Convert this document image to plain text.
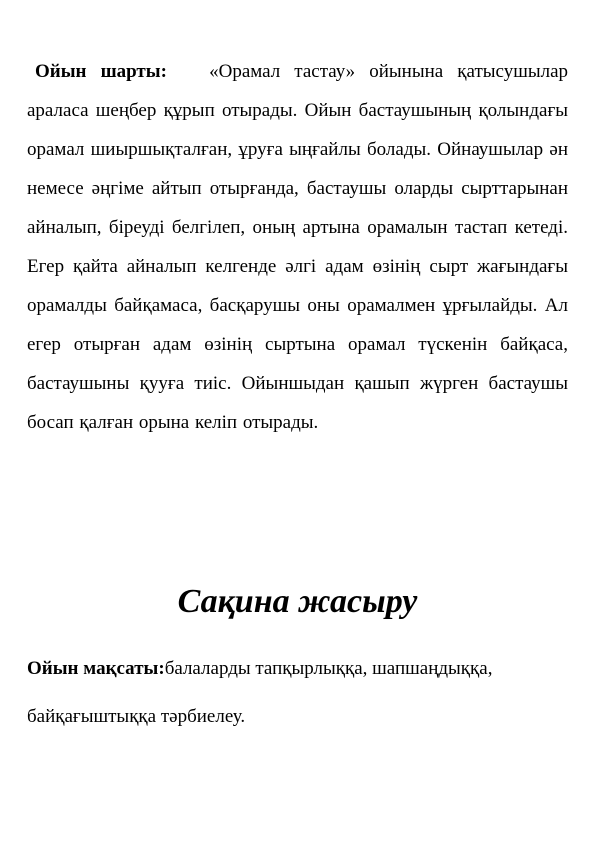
Ойын шарты: «Орамал тастау» ойынына қатысушылар араласа шеңбер құрып отырады. Ойын бастаушының қолындағы орамал шиыршықталған, ұруға ыңғайлы болады. Ойнаушылар ән немесе әңгіме айтып отырғанда, бастаушы оларды сырттарынан айналып, біреуді белгілеп, оның артына орамалын тастап кетеді. Егер қайта айналып келгенде әлгі адам өзінің сырт жағындағы орамалды байқамаса, басқарушы оны орамалмен ұрғылайды. Ал егер отырған адам өзінің сыртына орамал түскенін байқаса, бастаушыны қууға тиіс. Ойыншыдан қашып жүрген бастаушы босап қалған орына келіп отырады.
Сақина жасыру
Ойын мақсаты:балаларды тапқырлыққа, шапшаңдыққа, байқағыштыққа тәрбиелеу.
